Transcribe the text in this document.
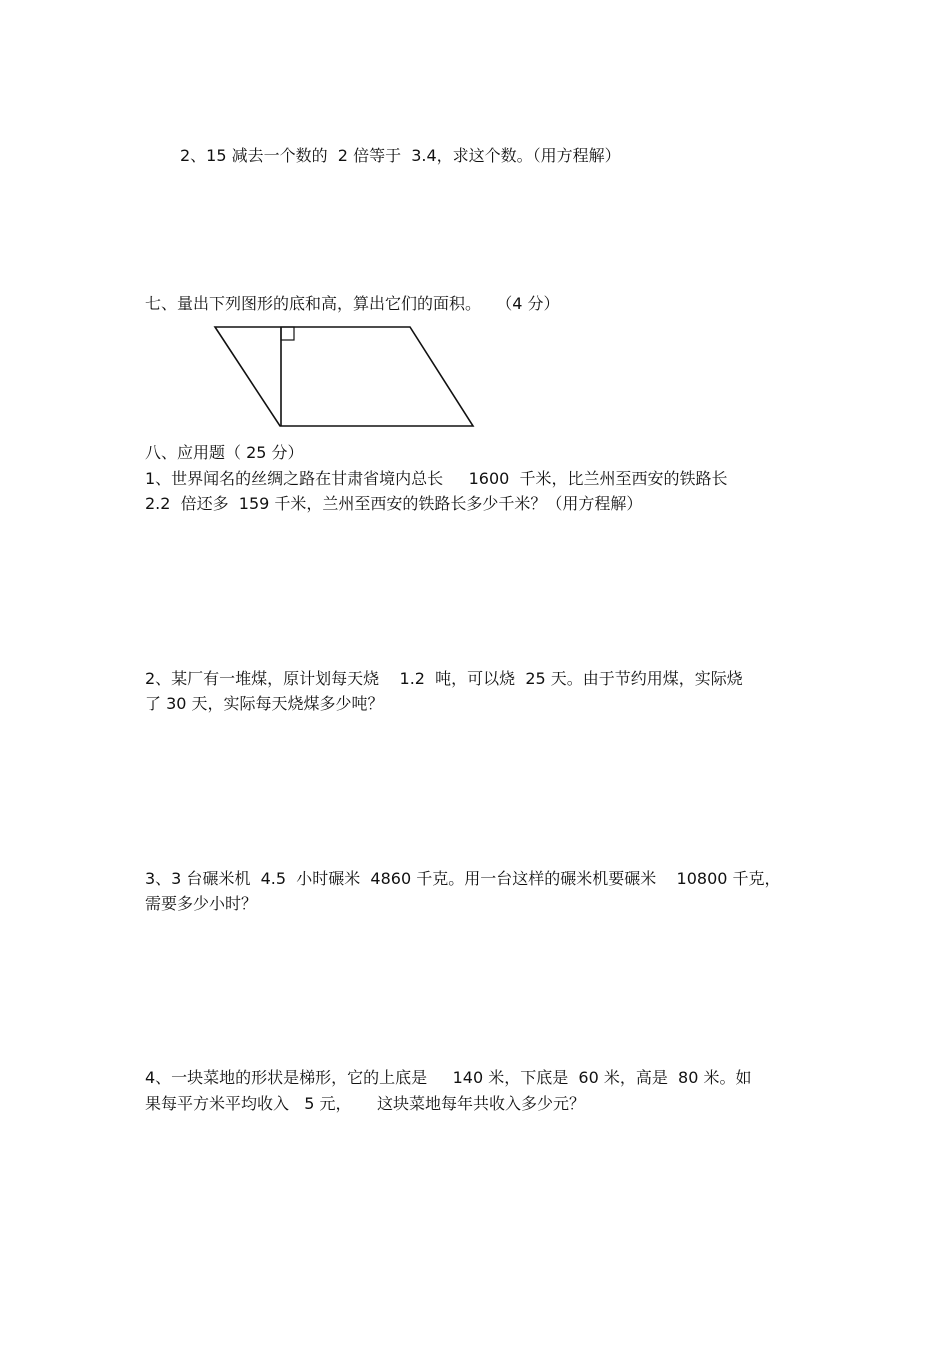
2、15 减去一个数的  2 倍等于  3.4，求这个数。（用方程解）

七、量出下列图形的底和高，算出它们的面积。   （4 分）

八、应用题（ 25 分）

1、世界闻名的丝绸之路在甘肃省境内总长     1600  千米，比兰州至西安的铁路长

2.2  倍还多  159 千米，兰州至西安的铁路长多少千米？（用方程解）

2、某厂有一堆煤，原计划每天烧    1.2  吨，可以烧  25 天。由于节约用煤，实际烧

了 30 天，实际每天烧煤多少吨？

3、3 台碾米机  4.5  小时碾米  4860 千克。用一台这样的碾米机要碾米    10800 千克，

需要多少小时？

4、一块菜地的形状是梯形，它的上底是     140 米，下底是  60 米，高是  80 米。如

果每平方米平均收入   5 元，     这块菜地每年共收入多少元？
